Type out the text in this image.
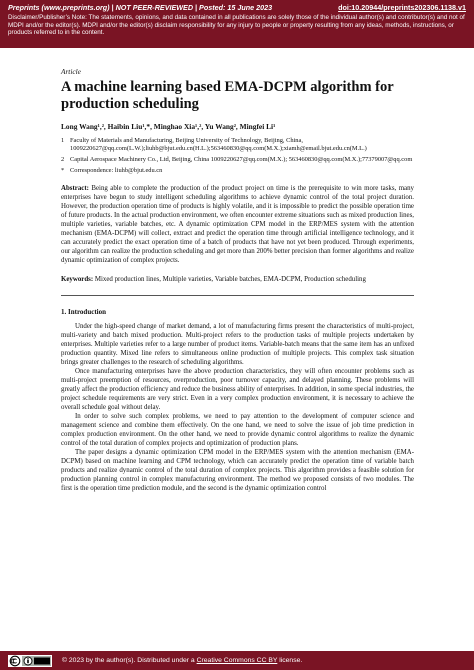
Preprints (www.preprints.org) | NOT PEER-REVIEWED | Posted: 15 June 2023	doi:10.20944/preprints202306.1138.v1
Disclaimer/Publisher’s Note: The statements, opinions, and data contained in all publications are solely those of the individual author(s) and contributor(s) and not of MDPI and/or the editor(s). MDPI and/or the editor(s) disclaim responsibility for any injury to people or property resulting from any ideas, methods, instructions, or products referred to in the content.
Article
A machine learning based EMA-DCPM algorithm for production scheduling
Long Wang¹,², Haibin Liu¹,*, Minghao Xia¹,², Yu Wang², Mingfei Li¹
1 Faculty of Materials and Manufacturing, Beijing University of Technology, Beijing, China, 1009220627@qq.com(L.W.);liuhb@bjut.edu.cn(H.L.);563460830@qq.com(M.X.);xiamh@email.bjut.edu.cn(M.L.)
2 Capital Aerospace Machinery Co., Ltd, Beijing, China 1009220627@qq.com(M.X.); 563460830@qq.com(M.X.);77379007@qq.com
* Correspondence: liuhb@bjut.edu.cn
Abstract: Being able to complete the production of the product project on time is the prerequisite to win more tasks, many enterprises have begun to study intelligent scheduling algorithms to achieve dynamic control of the total project duration. However, the production operation time of products is highly volatile, and it is impossible to predict the possible operation time of future products. In the actual production environment, we often encounter extreme situations such as mixed production lines, multiple varieties, variable batches, etc. A dynamic optimization CPM model in the ERP/MES system with the attention mechanism (EMA-DCPM) will collect, extract and predict the operation time through artificial intelligence technology, and it can accurately predict the exact operation time of a batch of products that have not yet been produced. Through experiments, our algorithm can realize the production scheduling and get more than 200% better precision than former algorithms and realize dynamic optimization of complex projects.
Keywords: Mixed production lines, Multiple varieties, Variable batches, EMA-DCPM, Production scheduling
1. Introduction

Under the high-speed change of market demand, a lot of manufacturing firms present the characteristics of multi-project, multi-variety and batch mixed production. Multi-project refers to the production tasks of multiple projects undertaken by enterprises. Multiple varieties refer to a large number of product items. Variable-batch means that the same item has an unfixed production quantity. Mixed line refers to simultaneous online production of multiple projects. This complex task situation brings greater challenges to the research of scheduling algorithms.

Once manufacturing enterprises have the above production characteristics, they will often encounter problems such as multi-project preemption of resources, overproduction, poor turnover capacity, and delayed planning. These problems will greatly affect the production efficiency and reduce the business ability of enterprises. In addition, in some special industries, the project schedule requirements are very strict. Even in a very complex production environment, it is necessary to achieve the overall schedule goal without delay.

In order to solve such complex problems, we need to pay attention to the development of computer science and management science and combine them effectively. On the one hand, we need to solve the issue of job time prediction in complex production environment. On the other hand, we need to provide dynamic control algorithms to realize the dynamic control of the total duration of complex projects and optimization of production plans.

The paper designs a dynamic optimization CPM model in the ERP/MES system with the attention mechanism (EMA-DCPM) based on machine learning and CPM technology, which can accurately predict the operation time of variable batch products and realize dynamic control of the total duration of complex projects. This algorithm provides a feasible solution for production planning control in complex manufacturing environment. The method we proposed consists of two modules. The first is the operation time prediction module, and the second is the dynamic optimization control

© 2023 by the author(s). Distributed under a Creative Commons CC BY license.
